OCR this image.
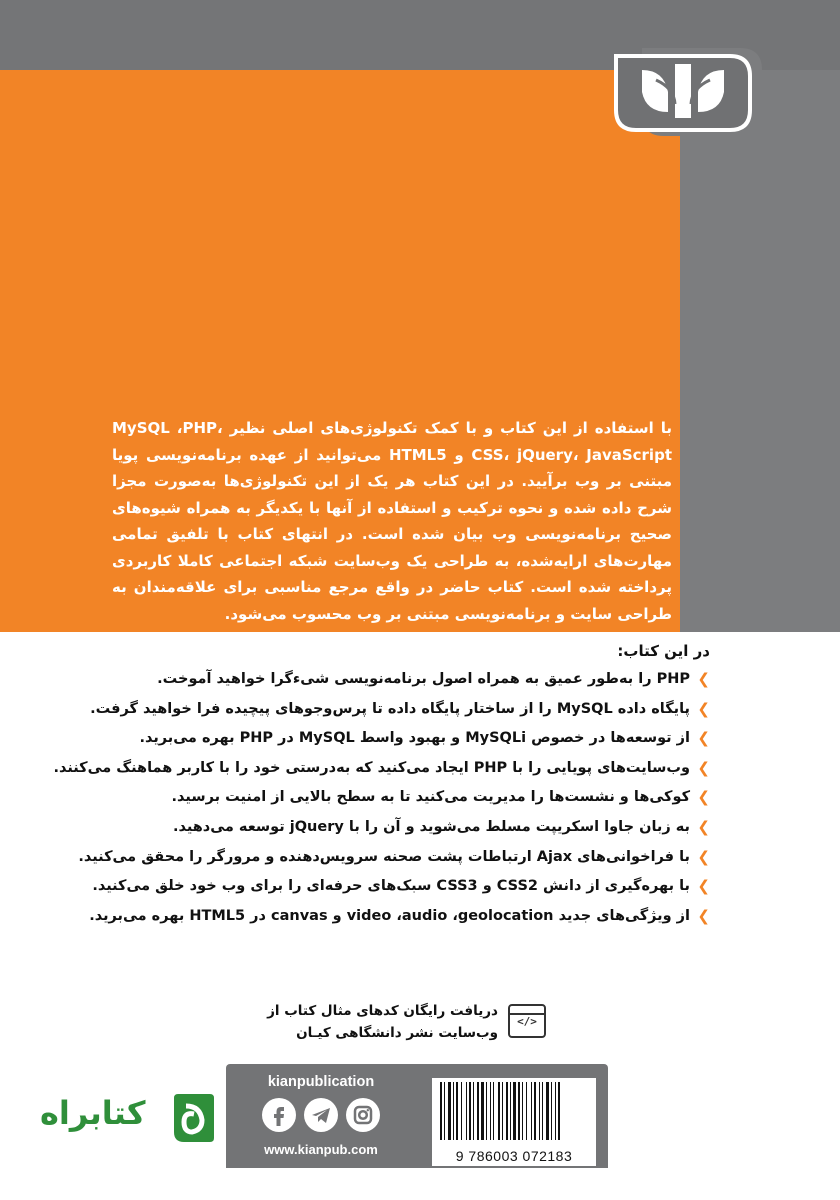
با استفاده از این کتاب و با کمک تکنولوژی‌های اصلی نظیر MySQL ،PHP، CSS، jQuery، JavaScript و HTML5 می‌توانید از عهده برنامه‌نویسی پویا مبتنی بر وب برآیید. در این کتاب هر یک از این تکنولوژی‌ها به‌صورت مجزا شرح داده شده و نحوه ترکیب و استفاده از آنها با یکدیگر به همراه شیوه‌های صحیح برنامه‌نویسی وب بیان شده است. در انتهای کتاب با تلفیق تمامی مهارت‌های ارایه‌شده، به طراحی یک وب‌سایت شبکه اجتماعی کاملا کاربردی پرداخته شده است. کتاب حاضر در واقع مرجع مناسبی برای علاقه‌مندان به طراحی سایت و برنامه‌نویسی مبتنی بر وب محسوب می‌شود.
در این کتاب:
❯
PHP را به‌طور عمیق به همراه اصول برنامه‌نویسی شیء‌گرا خواهید آموخت.
❯
پایگاه داده MySQL را از ساختار پایگاه داده تا پرس‌وجوهای پیچیده فرا خواهید گرفت.
❯
از توسعه‌ها در خصوص MySQLi و بهبود واسط MySQL در PHP بهره می‌برید.
❯
وب‌سایت‌های پویایی را با PHP ایجاد می‌کنید که به‌درستی خود را با کاربر هماهنگ می‌کنند.
❯
کوکی‌ها و نشست‌ها را مدیریت می‌کنید تا به سطح بالایی از امنیت برسید.
❯
به زبان جاوا اسکریپت مسلط می‌شوید و آن را با jQuery توسعه می‌دهید.
❯
با فراخوانی‌های Ajax ارتباطات پشت صحنه سرویس‌دهنده و مرورگر را محقق می‌کنید.
❯
با بهره‌گیری از دانش CSS2 و CSS3 سبک‌های حرفه‌ای را برای وب خود خلق می‌کنید.
❯
از ویژگی‌های جدید video ،audio ،geolocation و canvas در HTML5 بهره می‌برید.
دریافت رایگان کدهای مثال کتاب از
وب‌سایت نشر دانشگاهی کیـان
</>
kianpublication
www.kianpub.com	9 786003 072183
کتابراه
